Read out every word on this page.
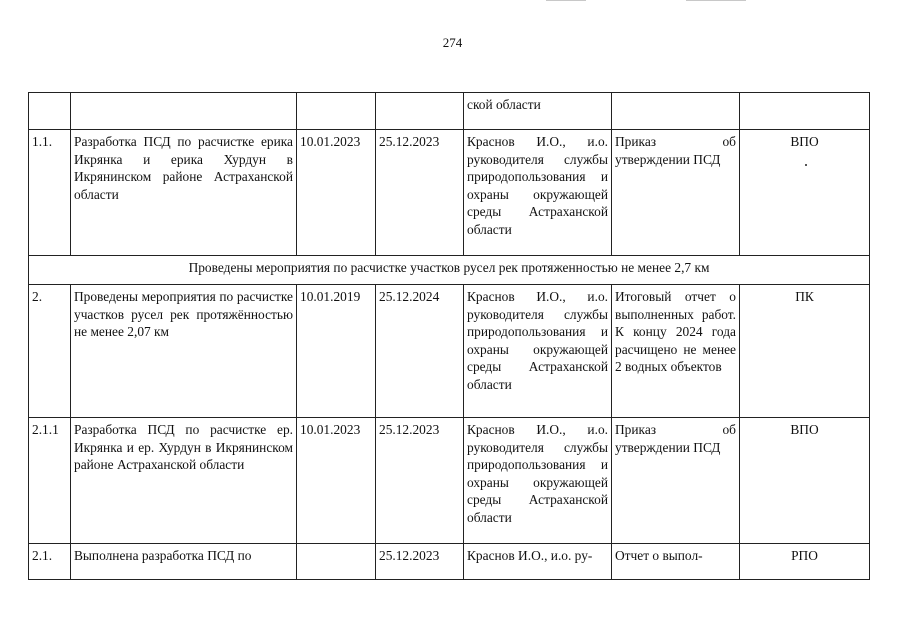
274
				ской области		
1.1.	Разработка ПСД по расчистке ерика Икрянка и ерика Хурдун в Икрянинском районе Астраханской области	10.01.2023	25.12.2023	Краснов И.О., и.о. руководителя службы природопользования и охраны окружающей среды Астраханской области	Приказ об утверждении ПСД	ВПО
Проведены мероприятия по расчистке участков русел рек протяженностью не менее 2,7 км						
2.	Проведены мероприятия по расчистке участков русел рек протяжённостью не менее 2,07 км	10.01.2019	25.12.2024	Краснов И.О., и.о. руководителя службы природопользования и охраны окружающей среды Астраханской области	Итоговый отчет о выполненных работ. К концу 2024 года расчищено не менее 2 водных объектов	ПК
2.1.1	Разработка ПСД по расчистке ер. Икрянка и ер. Хурдун в Икрянинском районе Астраханской области	10.01.2023	25.12.2023	Краснов И.О., и.о. руководителя службы природопользования и охраны окружающей среды Астраханской области	Приказ об утверждении ПСД	ВПО
2.1.	Выполнена разработка ПСД по		25.12.2023	Краснов И.О., и.о. ру-	Отчет о выпол-	РПО
